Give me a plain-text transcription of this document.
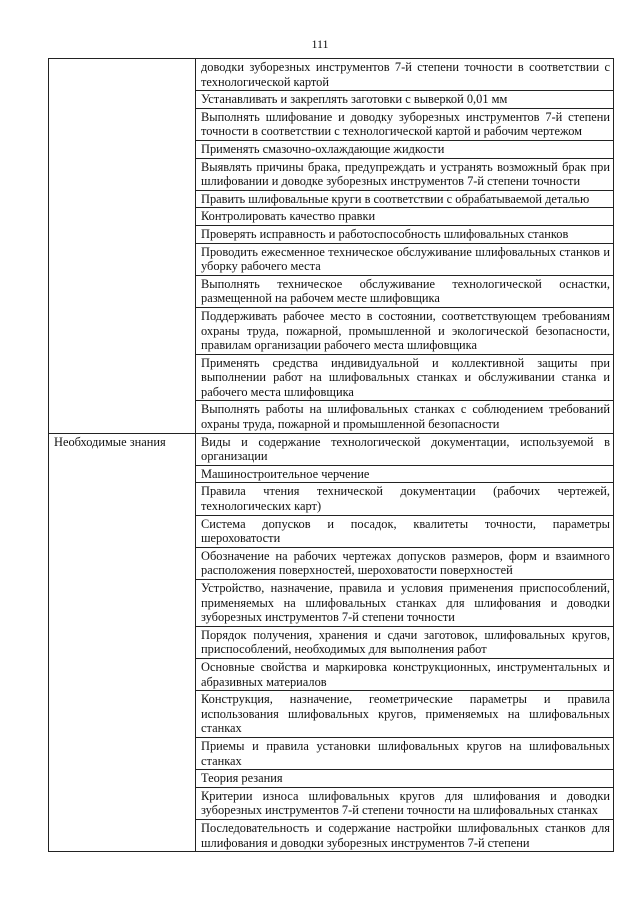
111
	доводки зуборезных инструментов 7-й степени точности в соответствии с технологической картой
	Устанавливать и закреплять заготовки с выверкой 0,01 мм
	Выполнять шлифование и доводку зуборезных инструментов 7-й степени точности в соответствии с технологической картой и рабочим чертежом
	Применять смазочно-охлаждающие жидкости
	Выявлять причины брака, предупреждать и устранять возможный брак при шлифовании и доводке зуборезных инструментов 7-й степени точности
	Править шлифовальные круги в соответствии с обрабатываемой деталью
	Контролировать качество правки
	Проверять исправность и работоспособность шлифовальных станков
	Проводить ежесменное техническое обслуживание шлифовальных станков и уборку рабочего места
	Выполнять техническое обслуживание технологической оснастки, размещенной на рабочем месте шлифовщика
	Поддерживать рабочее место в состоянии, соответствующем требованиям охраны труда, пожарной, промышленной и экологической безопасности, правилам организации рабочего места шлифовщика
	Применять средства индивидуальной и коллективной защиты при выполнении работ на шлифовальных станках и обслуживании станка и рабочего места шлифовщика
	Выполнять работы на шлифовальных станках с соблюдением требований охраны труда, пожарной и промышленной безопасности
Необходимые знания	Виды и содержание технологической документации, используемой в организации
	Машиностроительное черчение
	Правила чтения технической документации (рабочих чертежей, технологических карт)
	Система допусков и посадок, квалитеты точности, параметры шероховатости
	Обозначение на рабочих чертежах допусков размеров, форм и взаимного расположения поверхностей, шероховатости поверхностей
	Устройство, назначение, правила и условия применения приспособлений, применяемых на шлифовальных станках для шлифования и доводки зуборезных инструментов 7-й степени точности
	Порядок получения, хранения и сдачи заготовок, шлифовальных кругов, приспособлений, необходимых для выполнения работ
	Основные свойства и маркировка конструкционных, инструментальных и абразивных материалов
	Конструкция, назначение, геометрические параметры и правила использования шлифовальных кругов, применяемых на шлифовальных станках
	Приемы и правила установки шлифовальных кругов на шлифовальных станках
	Теория резания
	Критерии износа шлифовальных кругов для шлифования и доводки зуборезных инструментов 7-й степени точности на шлифовальных станках
	Последовательность и содержание настройки шлифовальных станков для шлифования и доводки зуборезных инструментов 7-й степени
